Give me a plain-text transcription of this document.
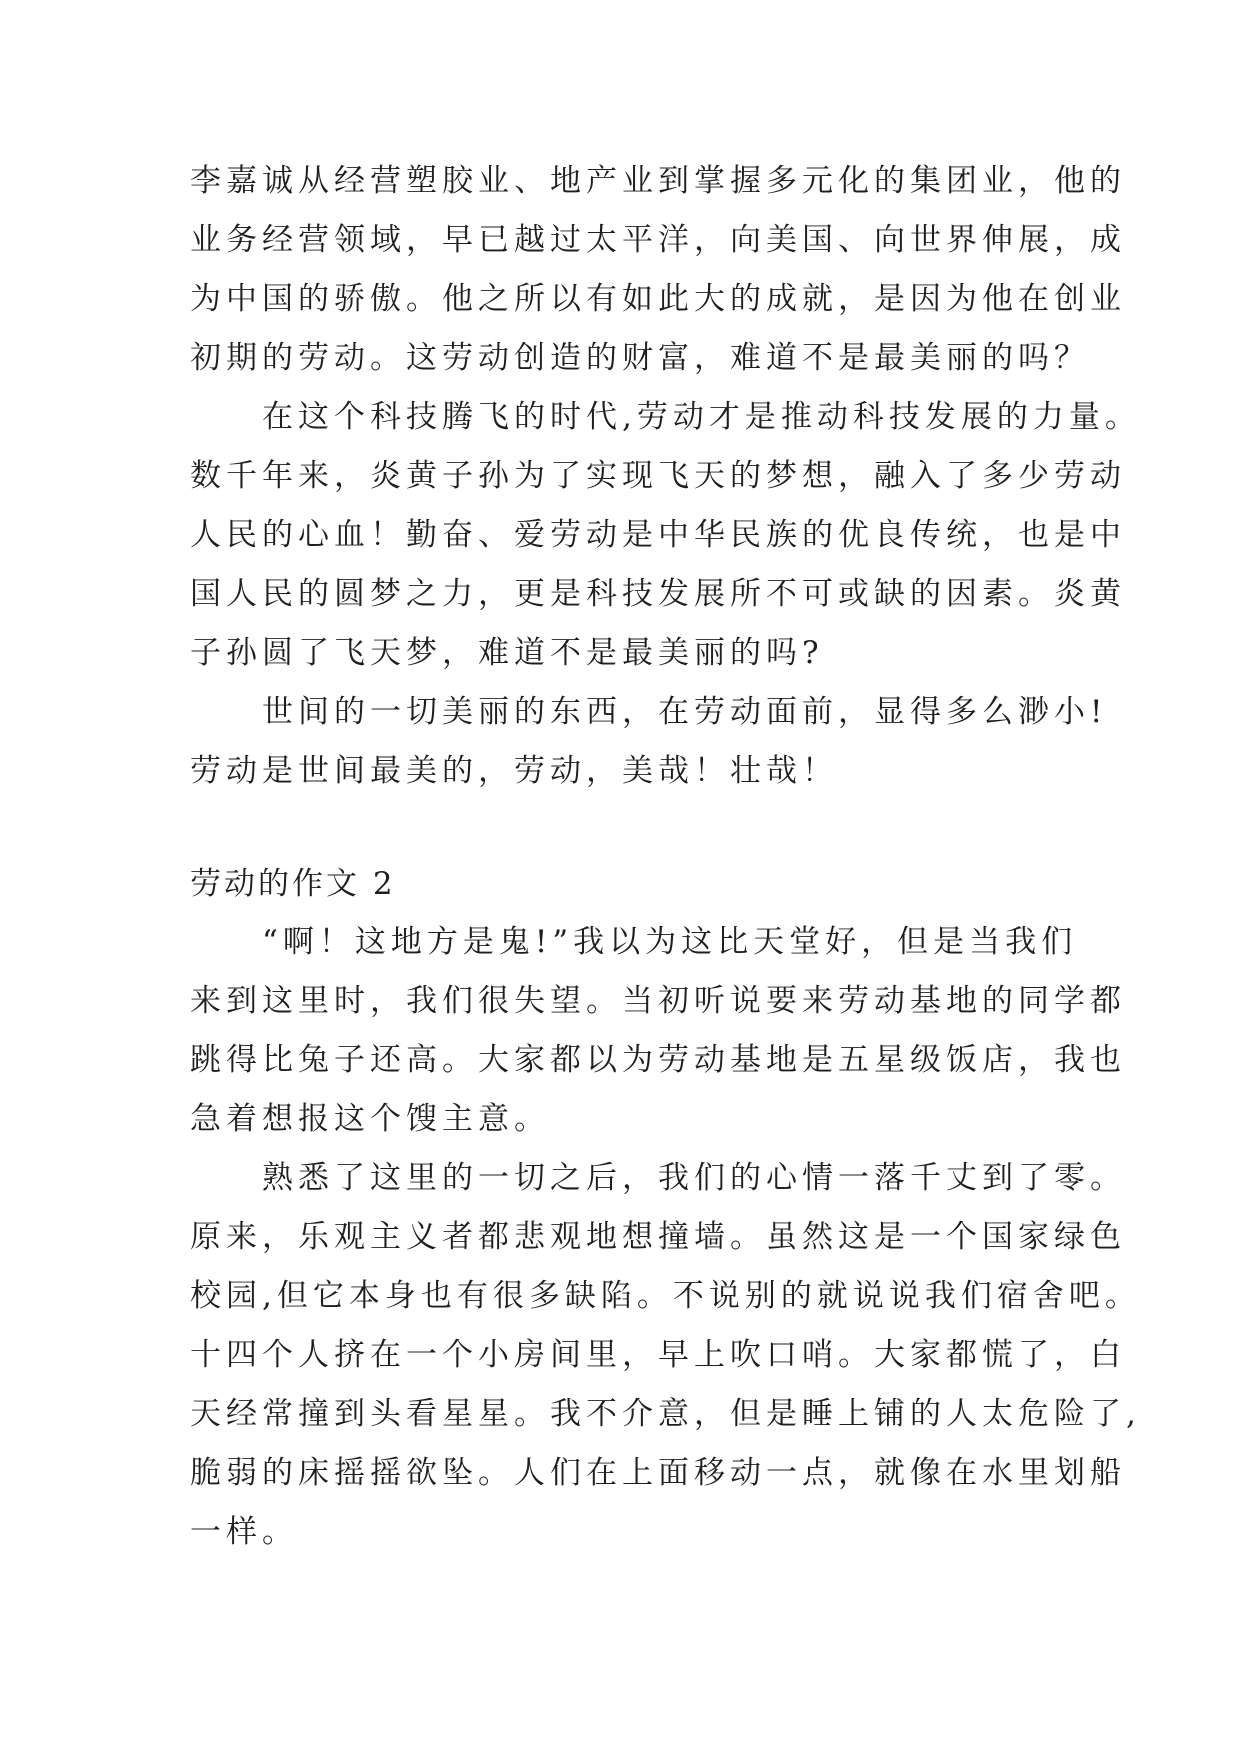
李嘉诚从经营塑胶业、地产业到掌握多元化的集团业，他的
业务经营领域，早已越过太平洋，向美国、向世界伸展，成
为中国的骄傲。他之所以有如此大的成就，是因为他在创业
初期的劳动。这劳动创造的财富，难道不是最美丽的吗？
　　在这个科技腾飞的时代,劳动才是推动科技发展的力量。
数千年来，炎黄子孙为了实现飞天的梦想，融入了多少劳动
人民的心血！勤奋、爱劳动是中华民族的优良传统，也是中
国人民的圆梦之力，更是科技发展所不可或缺的因素。炎黄
子孙圆了飞天梦，难道不是最美丽的吗?
　　世间的一切美丽的东西，在劳动面前，显得多么渺小!
劳动是世间最美的，劳动，美哉！壮哉！
劳动的作文 2
　　“啊！这地方是鬼!”我以为这比天堂好，但是当我们
来到这里时，我们很失望。当初听说要来劳动基地的同学都
跳得比兔子还高。大家都以为劳动基地是五星级饭店，我也
急着想报这个馊主意。
　　熟悉了这里的一切之后，我们的心情一落千丈到了零。
原来，乐观主义者都悲观地想撞墙。虽然这是一个国家绿色
校园,但它本身也有很多缺陷。不说别的就说说我们宿舍吧。
十四个人挤在一个小房间里，早上吹口哨。大家都慌了，白
天经常撞到头看星星。我不介意，但是睡上铺的人太危险了,
脆弱的床摇摇欲坠。人们在上面移动一点，就像在水里划船
一样。
